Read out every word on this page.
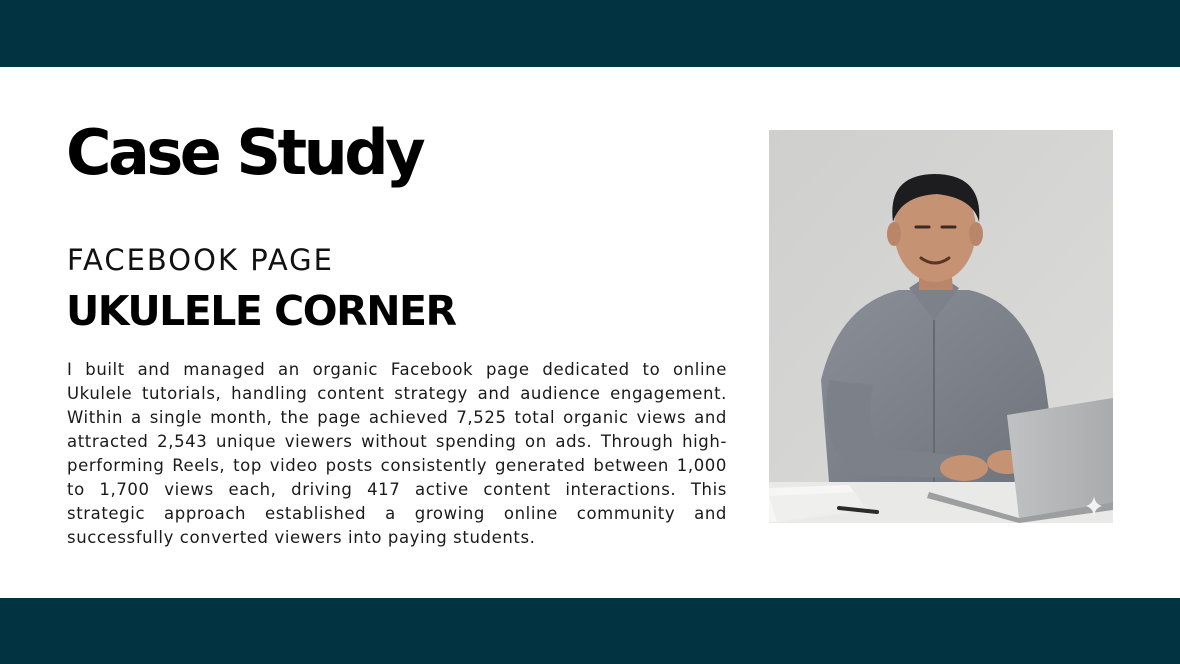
Case Study
FACEBOOK PAGE
UKULELE CORNER

I built and managed an organic Facebook page dedicated to online Ukulele tutorials, handling content strategy and audience engagement. Within a single month, the page achieved 7,525 total organic views and attracted 2,543 unique viewers without spending on ads. Through high-performing Reels, top video posts consistently generated between 1,000 to 1,700 views each, driving 417 active content interactions. This strategic approach established a growing online community and successfully converted viewers into paying students.
